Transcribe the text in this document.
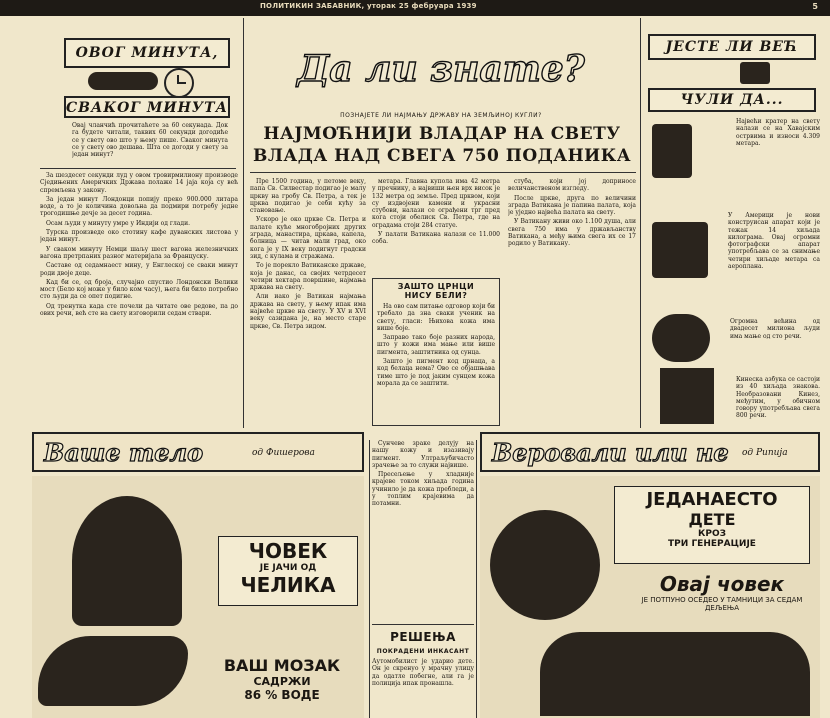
ПОЛИТИКИН ЗАБАВНИК, уторак 25 фебруара 1939	5
ОВОГ МИНУТА,
СВАКОГ МИНУТА
Овај чланчић прочитаћете за 60 секунада. Док га будете читали, таквих 60 секунди догодиће се у свету ово што у њему пише. Сваког минута се у свету ово дешава. Шта се догоди у свету за један минут?

За шездесет секунди луд у овом тровирмилиону производе Сједињених Америчких Држава полаже 14 јаја која су већ спремљена у закону.

За један минут Лондонци попију преко 900.000 литара воде, а то је количина довољна да подмири потребу једне трогодишње дечје за десет година.

Осам људи у минуту умре у Индији од глади.

Турска произведе око стотину кафе дуванских листова у један минут.

У сваком минуту Немци шаљу шест вагона железничких вагона претрпаних разног материјала за Француску.

Саставе од седамнаест мину, у Енглеској се сваки минут роди двоје деце.

Кад би се, од броја, случајно спустио Лондонски Велики мост (Бело кој може у било ком часу), њега би било потребно сто људи да се опет подигне.

Од тренутка када сте почели да читате ове редове, па до ових речи, већ сте на свету изговорили седам ствари.

Да ли знате?
ПОЗНАЈЕТЕ ЛИ НАЈМАЊУ ДРЖАВУ НА ЗЕМЉИНОЈ КУГЛИ?
НАЈМОЋНИЈИ ВЛАДАР НА СВЕТУ
ВЛАДА НАД СВЕГА 750 ПОДАНИКА

Пре 1500 година, у петоме веку, папа Св. Силвестар подигао је малу цркву на гробу Св. Петра, а тек је црква подигао је себи кућу за становање.

Ускоро је око цркве Св. Петра и палате куће многобројних других зграда, манастира, цркава, капела, болница — читав мали град, око кога је у IX веку подигнут градски зид, с кулама и стражама.

То је порекло Ватиканске државе, која је данас, са својих четрдесет четири хектара површине, најмања држава на свету.

Али иако је Ватикан најмања држава на свету, у њему ипак има највеће цркве на свету. У XV и XVI веку сазидана је, на место старе цркве, Св. Петра зидом.

метара. Главна купола има 42 метра у пречнику, а највиши њен врх висок је 132 метра од земље. Пред црквом, који су издвојени камени и украсни стубови, налази се ограђени трг пред кога стоји обелиск Св. Петра, где на оградама стоји 284 статуе.

У палати Ватикана налази се 11.000 соба.

стуба, који јој доприносе величанственом изгледу.

После цркве, друга по величини зграда Ватикана је папина палата, која је уједно највећа палата на свету.

У Ватикану живи око 1.100 душа, али свега 750 има у држављанству Ватикана, а међу њима свега их се 17 родило у Ватикану.

ЗАШТО ЦРНЦИ
НИСУ БЕЛИ?

На ово сам питање одговор који би требало да зна сваки ученик на свету, гласи: Њихова кожа има више боје.

Заправо тако боје разних народа, што у кожи има мање или више пигмента, заштитника од сунца.

Зашто је пигмент код црнаца, а код белаца нема? Ово се објашњава тиме што је под јаким сунцем кожа морала да се заштити.

ЈЕСТЕ ЛИ ВЕЋ
ЧУЛИ ДА...
Највећи кратер на свету налази се на Хавајским острвима и износи 4.309 метара.
У Америци је нови конструисан апарат који је тежак 14 хиљада килограма. Овај огромни фотографски апарат употребљава се за снимање четири хиљаде метара са аероплана.
Огромна већина од двадесет милиона људи има мање од сто речи.
Кинеска азбука се састоји из 40 хиљада знакова. Необразовани Кинез, међутим, у обичном говору употребљава свега 800 речи.
Ваше тело	од Фишерова	Веровали или не од Рипија
ЧОВЕК
ЈЕ ЈАЧИ ОД
ЧЕЛИКА
ВАШ МОЗАК
САДРЖИ
86 % ВОДЕ

Сунчеве зраке делују на нашу кожу и изазивају пигмент. Ултраљубичасто зрачење за то служи највише.

Пресељење у хладније крајеве током хиљада година учинило је да кожа пребледи, а у топлим крајевима да потамни.

РЕШЕЊА
ПОКРАДЕНИ ИНКАСАНТ
Аутомобилист је ударио дете. Он је скренуо у мрачну улицу да одатле побегне, али га је полиција ипак пронашла.
ЈЕДАНАЕСТО
ДЕТЕ
КРОЗ
ТРИ ГЕНЕРАЦИЈЕ
Овај човек
ЈЕ ПОТПУНО ОСЕДЕО У ТАМНИЦИ ЗА СЕДАМ ДЕЉЕЊА
